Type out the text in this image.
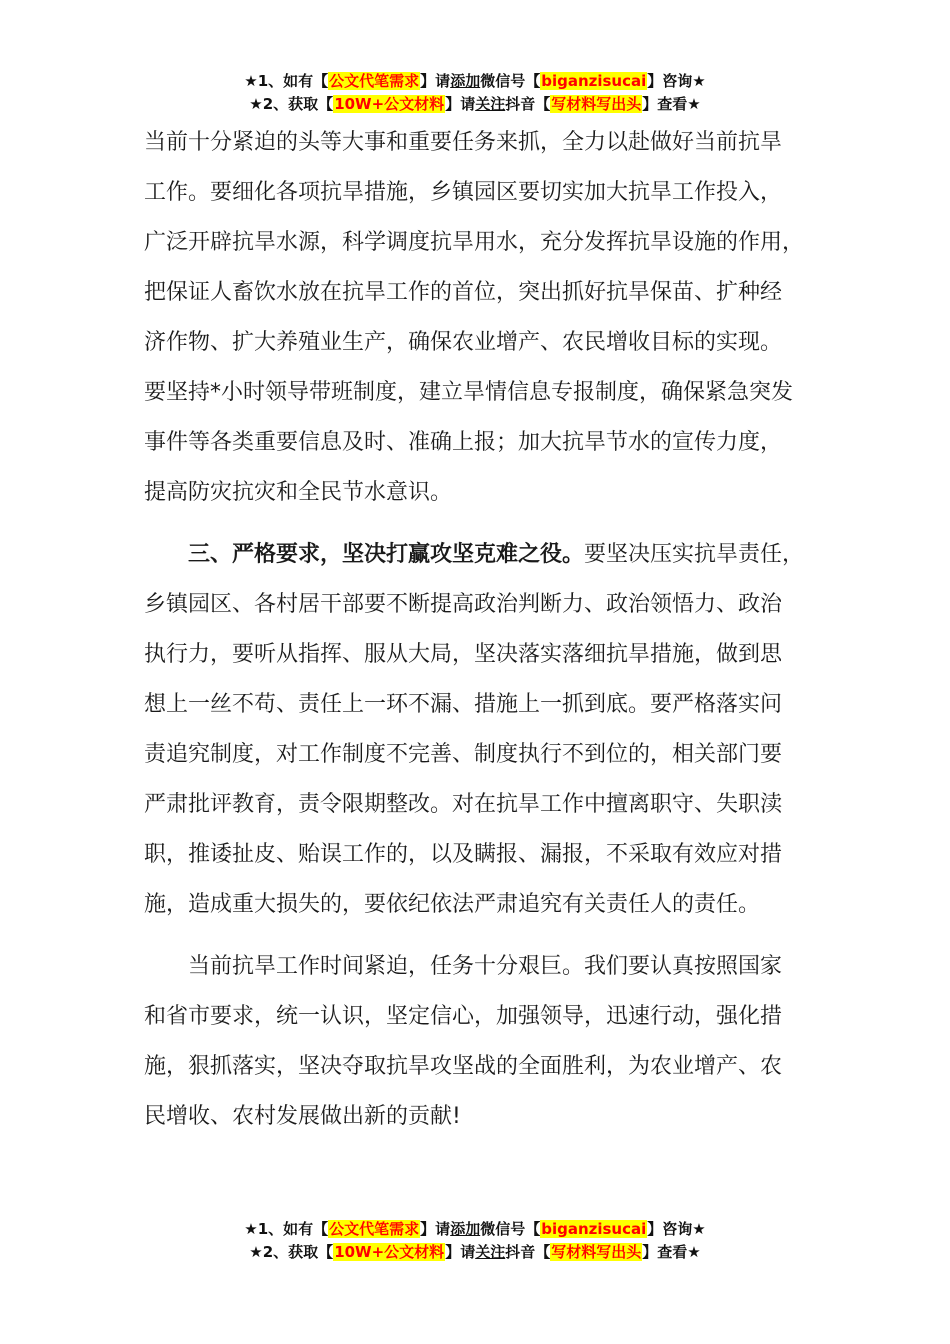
★1、如有【公文代笔需求】请添加微信号【biganzisucai】咨询★
★2、获取【10W+公文材料】请关注抖音【写材料写出头】查看★

当前十分紧迫的头等大事和重要任务来抓，全力以赴做好当前抗旱

工作。要细化各项抗旱措施，乡镇园区要切实加大抗旱工作投入，

广泛开辟抗旱水源，科学调度抗旱用水，充分发挥抗旱设施的作用，

把保证人畜饮水放在抗旱工作的首位，突出抓好抗旱保苗、扩种经

济作物、扩大养殖业生产，确保农业增产、农民增收目标的实现。

要坚持*小时领导带班制度，建立旱情信息专报制度，确保紧急突发

事件等各类重要信息及时、准确上报；加大抗旱节水的宣传力度，

提高防灾抗灾和全民节水意识。

三、严格要求，坚决打赢攻坚克难之役。要坚决压实抗旱责任，

乡镇园区、各村居干部要不断提高政治判断力、政治领悟力、政治

执行力，要听从指挥、服从大局，坚决落实落细抗旱措施，做到思

想上一丝不苟、责任上一环不漏、措施上一抓到底。要严格落实问

责追究制度，对工作制度不完善、制度执行不到位的，相关部门要

严肃批评教育，责令限期整改。对在抗旱工作中擅离职守、失职渎

职，推诿扯皮、贻误工作的，以及瞒报、漏报，不采取有效应对措

施，造成重大损失的，要依纪依法严肃追究有关责任人的责任。

当前抗旱工作时间紧迫，任务十分艰巨。我们要认真按照国家

和省市要求，统一认识，坚定信心，加强领导，迅速行动，强化措

施，狠抓落实，坚决夺取抗旱攻坚战的全面胜利，为农业增产、农

民增收、农村发展做出新的贡献!

★1、如有【公文代笔需求】请添加微信号【biganzisucai】咨询★
★2、获取【10W+公文材料】请关注抖音【写材料写出头】查看★
